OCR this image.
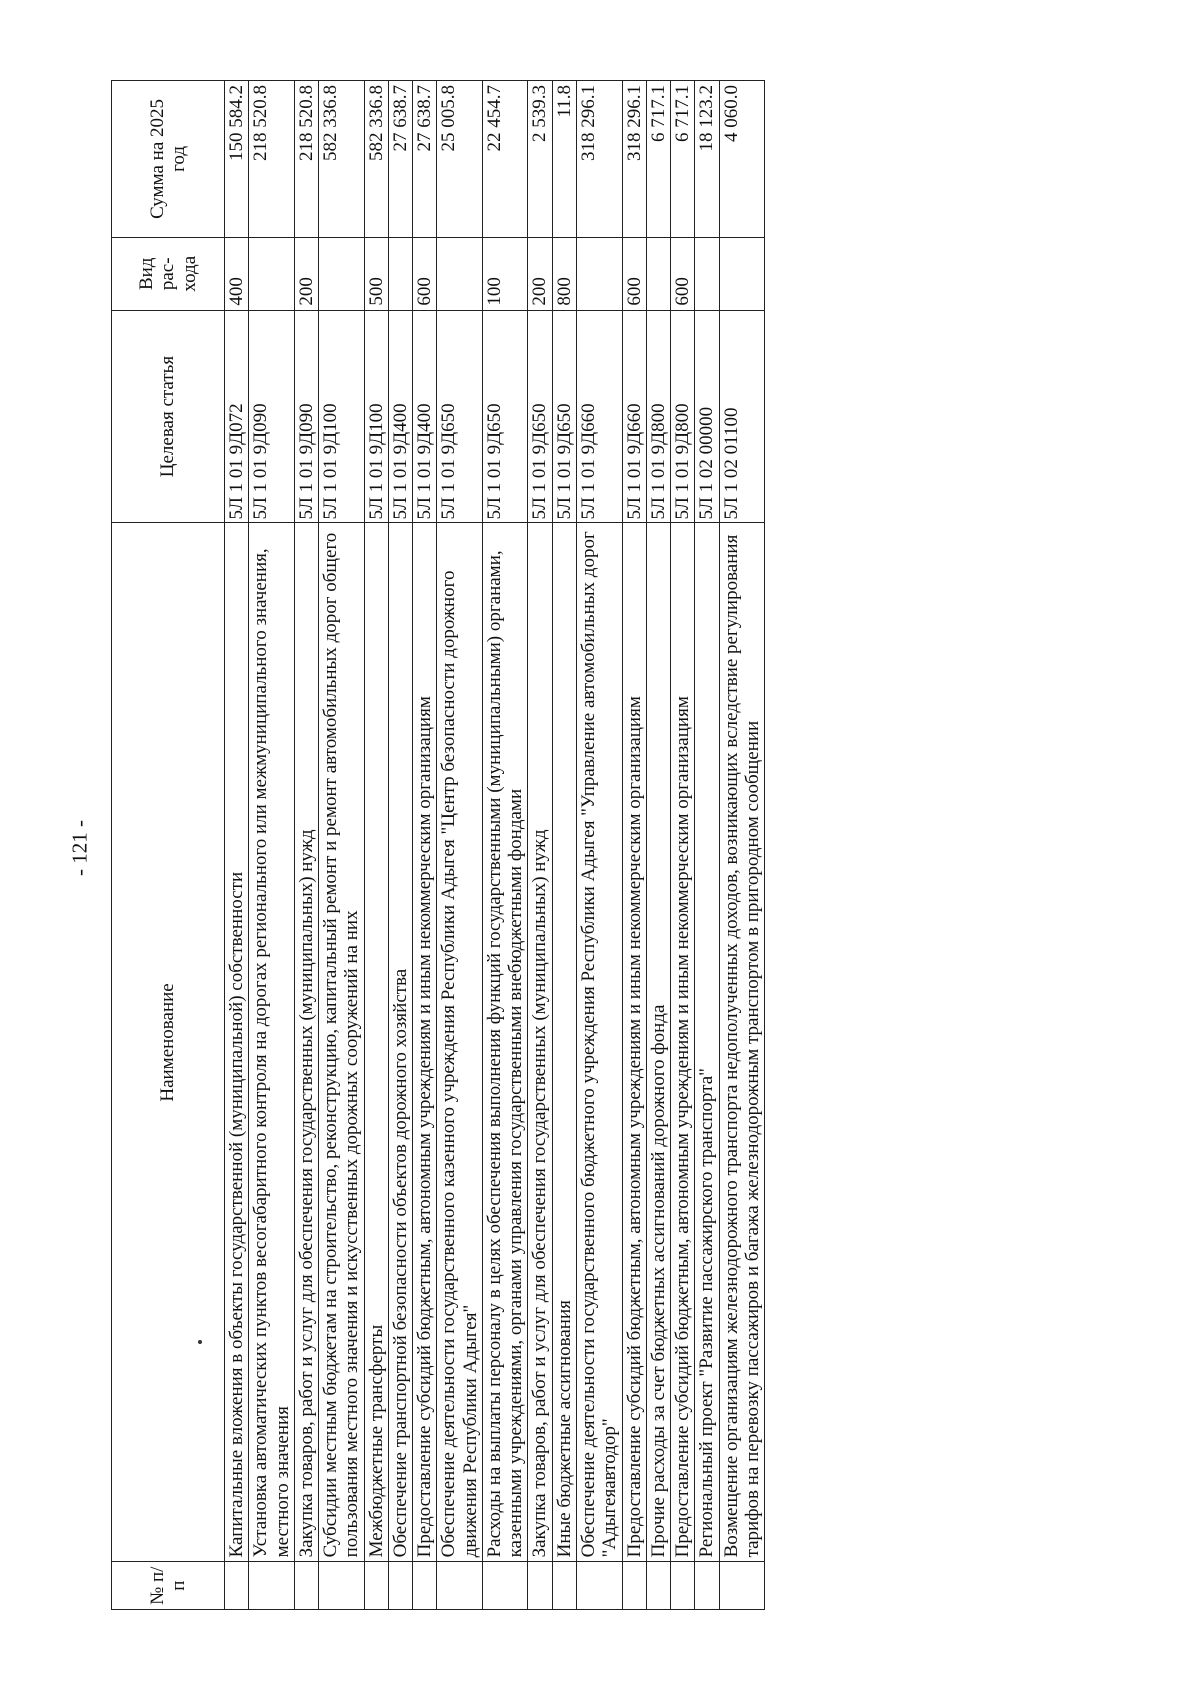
- 121 -
№ п/п	Наименование	Целевая статья	Вид рас-хода	Сумма на 2025 год
	Капитальные вложения в объекты государственной (муниципальной) собственности	5Л 1 01 9Д072	400	150 584.2
	Установка автоматических пунктов весогабаритного контроля на дорогах регионального или межмуниципального значения, местного значения	5Л 1 01 9Д090		218 520.8
	Закупка товаров, работ и услуг для обеспечения государственных (муниципальных) нужд	5Л 1 01 9Д090	200	218 520.8
	Субсидии местным бюджетам на строительство, реконструкцию, капитальный ремонт и ремонт автомобильных дорог общего пользования местного значения и искусственных дорожных сооружений на них	5Л 1 01 9Д100		582 336.8
	Межбюджетные трансферты	5Л 1 01 9Д100	500	582 336.8
	Обеспечение транспортной безопасности объектов дорожного хозяйства	5Л 1 01 9Д400		27 638.7
	Предоставление субсидий бюджетным, автономным учреждениям и иным некоммерческим организациям	5Л 1 01 9Д400	600	27 638.7
	Обеспечение деятельности государственного казенного учреждения Республики Адыгея "Центр безопасности дорожного движения Республики Адыгея"	5Л 1 01 9Д650		25 005.8
	Расходы на выплаты персоналу в целях обеспечения выполнения функций государственными (муниципальными) органами, казенными учреждениями, органами управления государственными внебюджетными фондами	5Л 1 01 9Д650	100	22 454.7
	Закупка товаров, работ и услуг для обеспечения государственных (муниципальных) нужд	5Л 1 01 9Д650	200	2 539.3
	Иные бюджетные ассигнования	5Л 1 01 9Д650	800	11.8
	Обеспечение деятельности государственного бюджетного учреждения Республики Адыгея "Управление автомобильных дорог "Адыгеяавтодор"	5Л 1 01 9Д660		318 296.1
	Предоставление субсидий бюджетным, автономным учреждениям и иным некоммерческим организациям	5Л 1 01 9Д660	600	318 296.1
	Прочие расходы за счет бюджетных ассигнований дорожного фонда	5Л 1 01 9Д800		6 717.1
	Предоставление субсидий бюджетным, автономным учреждениям и иным некоммерческим организациям	5Л 1 01 9Д800	600	6 717.1
	Региональный проект "Развитие пассажирского транспорта"	5Л 1 02 00000		18 123.2
	Возмещение организациям железнодорожного транспорта недополученных доходов, возникающих вследствие регулирования тарифов на перевозку пассажиров и багажа железнодорожным транспортом в пригородном сообщении	5Л 1 02 01100		4 060.0
